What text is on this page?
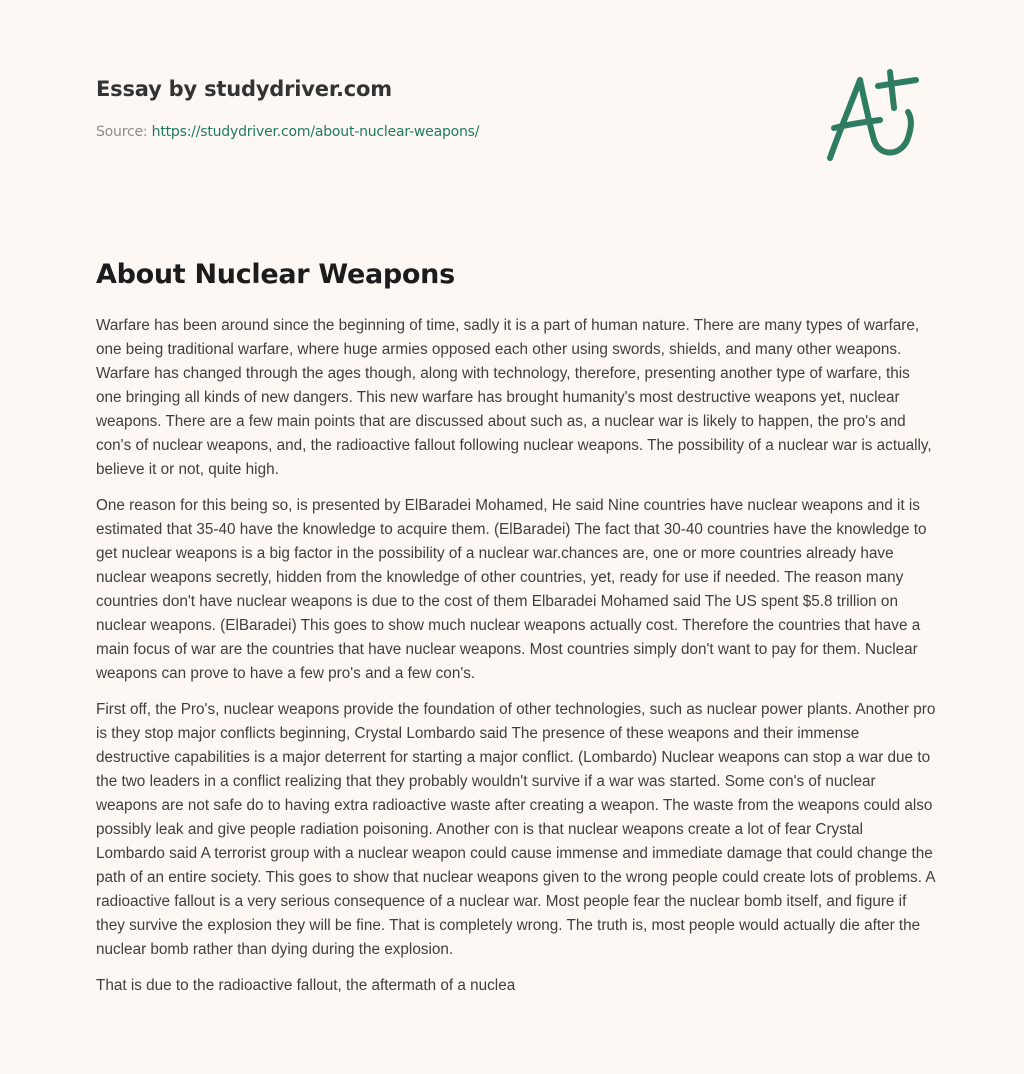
Essay by studydriver.com
Source: https://studydriver.com/about-nuclear-weapons/
About Nuclear Weapons

Warfare has been around since the beginning of time, sadly it is a part of human nature. There are many types of warfare, one being traditional warfare, where huge armies opposed each other using swords, shields, and many other weapons. Warfare has changed through the ages though, along with technology, therefore, presenting another type of warfare, this one bringing all kinds of new dangers. This new warfare has brought humanity's most destructive weapons yet, nuclear weapons. There are a few main points that are discussed about such as, a nuclear war is likely to happen, the pro's and con's of nuclear weapons, and, the radioactive fallout following nuclear weapons. The possibility of a nuclear war is actually, believe it or not, quite high.

One reason for this being so, is presented by ElBaradei Mohamed, He said Nine countries have nuclear weapons and it is estimated that 35-40 have the knowledge to acquire them. (ElBaradei) The fact that 30-40 countries have the knowledge to get nuclear weapons is a big factor in the possibility of a nuclear war.chances are, one or more countries already have nuclear weapons secretly, hidden from the knowledge of other countries, yet, ready for use if needed. The reason many countries don't have nuclear weapons is due to the cost of them Elbaradei Mohamed said The US spent $5.8 trillion on nuclear weapons. (ElBaradei) This goes to show much nuclear weapons actually cost. Therefore the countries that have a main focus of war are the countries that have nuclear weapons. Most countries simply don't want to pay for them. Nuclear weapons can prove to have a few pro's and a few con's.

First off, the Pro's, nuclear weapons provide the foundation of other technologies, such as nuclear power plants. Another pro is they stop major conflicts beginning, Crystal Lombardo said The presence of these weapons and their immense destructive capabilities is a major deterrent for starting a major conflict. (Lombardo) Nuclear weapons can stop a war due to the two leaders in a conflict realizing that they probably wouldn't survive if a war was started. Some con's of nuclear weapons are not safe do to having extra radioactive waste after creating a weapon. The waste from the weapons could also possibly leak and give people radiation poisoning. Another con is that nuclear weapons create a lot of fear Crystal Lombardo said A terrorist group with a nuclear weapon could cause immense and immediate damage that could change the path of an entire society. This goes to show that nuclear weapons given to the wrong people could create lots of problems. A radioactive fallout is a very serious consequence of a nuclear war. Most people fear the nuclear bomb itself, and figure if they survive the explosion they will be fine. That is completely wrong. The truth is, most people would actually die after the nuclear bomb rather than dying during the explosion.

That is due to the radioactive fallout, the aftermath of a nuclea
